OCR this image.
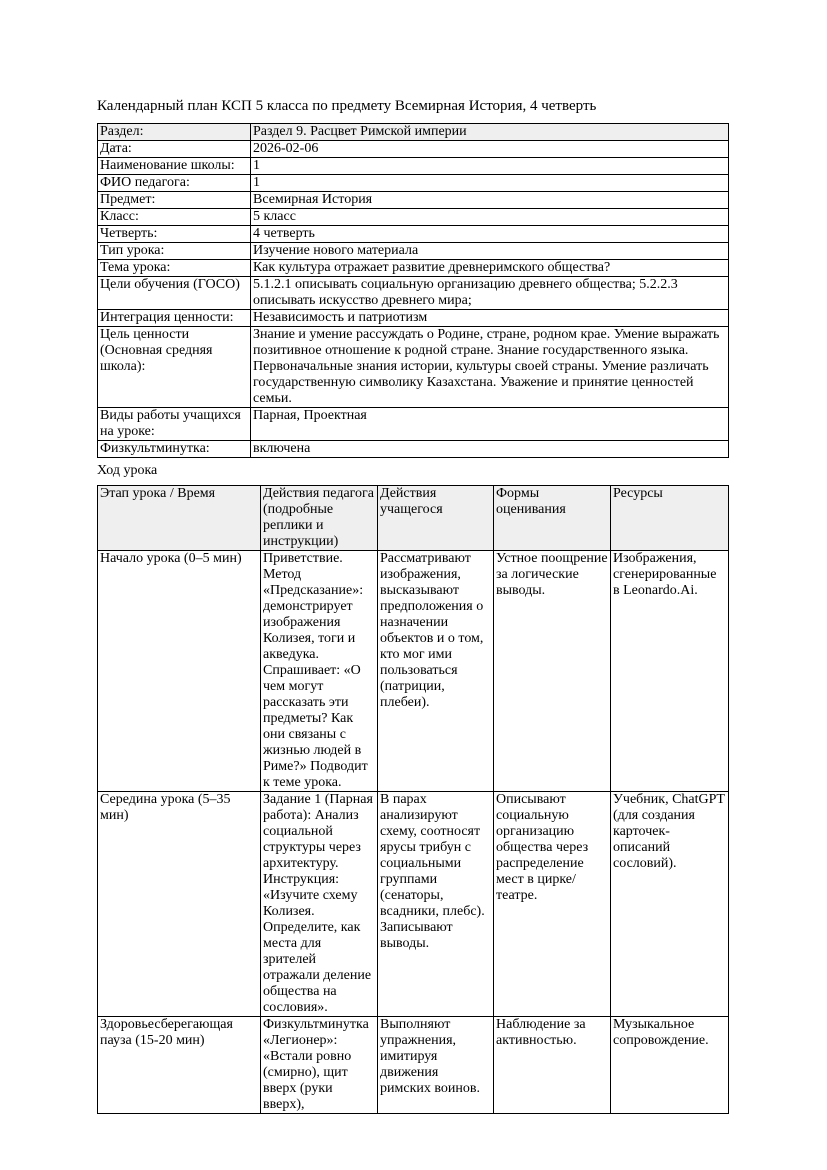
Календарный план КСП 5 класса по предмету Всемирная История, 4 четверть

Раздел:	Раздел 9. Расцвет Римской империи
Дата:	2026-02-06
Наименование школы:	1
ФИО педагога:	1
Предмет:	Всемирная История
Класс:	5 класс
Четверть:	4 четверть
Тип урока:	Изучение нового материала
Тема урока:	Как культура отражает развитие древнеримского общества?
Цели обучения (ГОСО)	5.1.2.1 описывать социальную организацию древнего общества; 5.2.2.3 описывать искусство древнего мира;
Интеграция ценности:	Независимость и патриотизм
Цель ценности (Основная средняя школа):	Знание и умение рассуждать о Родине, стране, родном крае. Умение выражать позитивное отношение к родной стране. Знание государственного языка. Первоначальные знания истории, культуры своей страны. Умение различать государственную символику Казахстана. Уважение и принятие ценностей семьи.
Виды работы учащихся на уроке:	Парная, Проектная
Физкультминутка:	включена

Ход урока

Этап урока / Время	Действия педагога (подробные реплики и инструкции)	Действия учащегося	Формы оценивания	Ресурсы
Начало урока (0–5 мин)	Приветствие. Метод «Предсказание»: демонстрирует изображения Колизея, тоги и акведука. Спрашивает: «О чем могут рассказать эти предметы? Как они связаны с жизнью людей в Риме?» Подводит к теме урока.	Рассматривают изображения, высказывают предположения о назначении объектов и о том, кто мог ими пользоваться (патриции, плебеи).	Устное поощрение за логические выводы.	Изображения, сгенерированные в Leonardo.Ai.
Середина урока (5–35 мин)	Задание 1 (Парная работа): Анализ социальной структуры через архитектуру. Инструкция: «Изучите схему Колизея. Определите, как места для зрителей отражали деление общества на сословия».	В парах анализируют схему, соотносят ярусы трибун с социальными группами (сенаторы, всадники, плебс). Записывают выводы.	Описывают социальную организацию общества через распределение мест в цирке/театре.	Учебник, ChatGPT (для создания карточек-описаний сословий).
Здоровьесберегающая пауза (15-20 мин)	Физкультминутка «Легионер»: «Встали ровно (смирно), щит вверх (руки вверх),	Выполняют упражнения, имитируя движения римских воинов.	Наблюдение за активностью.	Музыкальное сопровождение.
